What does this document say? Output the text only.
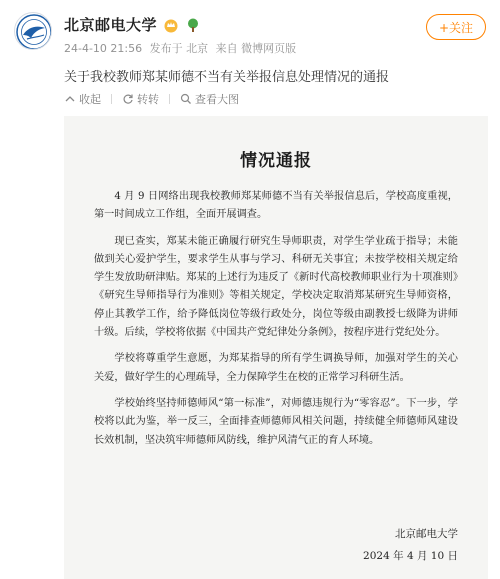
北京邮电大学
24-4-10 21:56 发布于 北京 来自 微博网页版
+关注
关于我校教师郑某师德不当有关举报信息处理情况的通报
收起	转转	查看大图
情况通报

4 月 9 日网络出现我校教师郑某师德不当有关举报信息后，学校高度重视，第一时间成立工作组，全面开展调查。

现已查实，郑某未能正确履行研究生导师职责，对学生学业疏于指导；未能做到关心爱护学生，要求学生从事与学习、科研无关事宜；未按学校相关规定给学生发放助研津贴。郑某的上述行为违反了《新时代高校教师职业行为十项准则》《研究生导师指导行为准则》等相关规定，学校决定取消郑某研究生导师资格，停止其教学工作，给予降低岗位等级行政处分，岗位等级由副教授七级降为讲师十级。后续，学校将依据《中国共产党纪律处分条例》，按程序进行党纪处分。

学校将尊重学生意愿，为郑某指导的所有学生调换导师，加强对学生的关心关爱，做好学生的心理疏导，全力保障学生在校的正常学习科研生活。

学校始终坚持师德师风“第一标准”，对师德违规行为“零容忍”。下一步，学校将以此为鉴，举一反三，全面排查师德师风相关问题，持续健全师德师风建设长效机制，坚决筑牢师德师风防线，维护风清气正的育人环境。

北京邮电大学
2024 年 4 月 10 日
